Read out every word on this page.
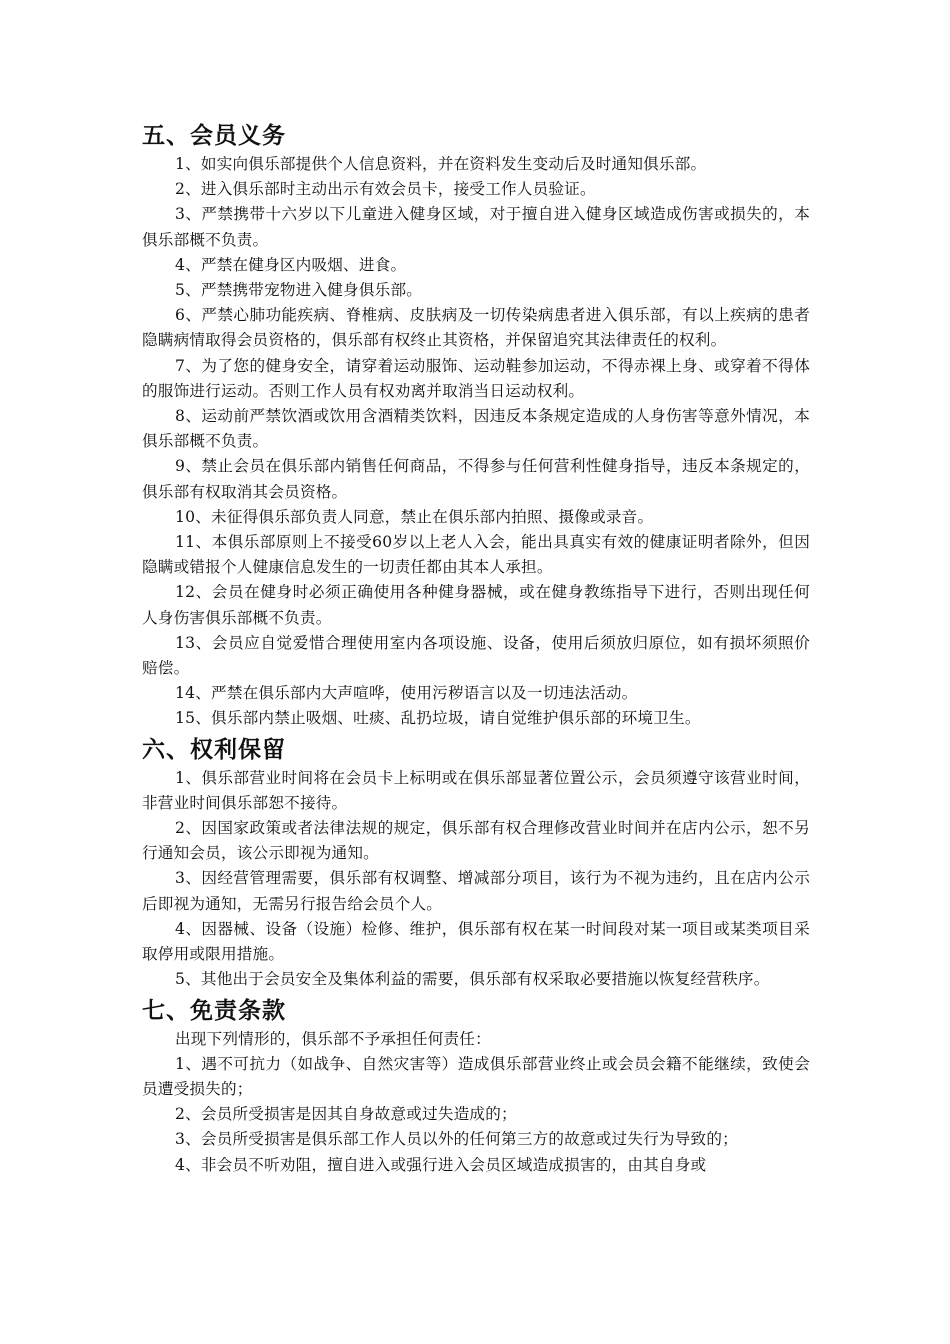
五、会员义务

1、如实向俱乐部提供个人信息资料，并在资料发生变动后及时通知俱乐部。

2、进入俱乐部时主动出示有效会员卡，接受工作人员验证。

3、严禁携带十六岁以下儿童进入健身区域，对于擅自进入健身区域造成伤害或损失的，本俱乐部概不负责。

4、严禁在健身区内吸烟、进食。

5、严禁携带宠物进入健身俱乐部。

6、严禁心肺功能疾病、脊椎病、皮肤病及一切传染病患者进入俱乐部，有以上疾病的患者隐瞒病情取得会员资格的，俱乐部有权终止其资格，并保留追究其法律责任的权利。

7、为了您的健身安全，请穿着运动服饰、运动鞋参加运动，不得赤裸上身、或穿着不得体的服饰进行运动。否则工作人员有权劝离并取消当日运动权利。

8、运动前严禁饮酒或饮用含酒精类饮料，因违反本条规定造成的人身伤害等意外情况，本俱乐部概不负责。

9、禁止会员在俱乐部内销售任何商品，不得参与任何营利性健身指导，违反本条规定的，俱乐部有权取消其会员资格。

10、未征得俱乐部负责人同意，禁止在俱乐部内拍照、摄像或录音。

11、本俱乐部原则上不接受60岁以上老人入会，能出具真实有效的健康证明者除外，但因隐瞒或错报个人健康信息发生的一切责任都由其本人承担。

12、会员在健身时必须正确使用各种健身器械，或在健身教练指导下进行，否则出现任何人身伤害俱乐部概不负责。

13、会员应自觉爱惜合理使用室内各项设施、设备，使用后须放归原位，如有损坏须照价赔偿。

14、严禁在俱乐部内大声喧哗，使用污秽语言以及一切违法活动。

15、俱乐部内禁止吸烟、吐痰、乱扔垃圾，请自觉维护俱乐部的环境卫生。

六、权利保留

1、俱乐部营业时间将在会员卡上标明或在俱乐部显著位置公示，会员须遵守该营业时间，非营业时间俱乐部恕不接待。

2、因国家政策或者法律法规的规定，俱乐部有权合理修改营业时间并在店内公示，恕不另行通知会员，该公示即视为通知。

3、因经营管理需要，俱乐部有权调整、增减部分项目，该行为不视为违约，且在店内公示后即视为通知，无需另行报告给会员个人。

4、因器械、设备（设施）检修、维护，俱乐部有权在某一时间段对某一项目或某类项目采取停用或限用措施。

5、其他出于会员安全及集体利益的需要，俱乐部有权采取必要措施以恢复经营秩序。

七、免责条款

出现下列情形的，俱乐部不予承担任何责任：

1、遇不可抗力（如战争、自然灾害等）造成俱乐部营业终止或会员会籍不能继续，致使会员遭受损失的；

2、会员所受损害是因其自身故意或过失造成的；

3、会员所受损害是俱乐部工作人员以外的任何第三方的故意或过失行为导致的；

4、非会员不听劝阻，擅自进入或强行进入会员区域造成损害的，由其自身或
